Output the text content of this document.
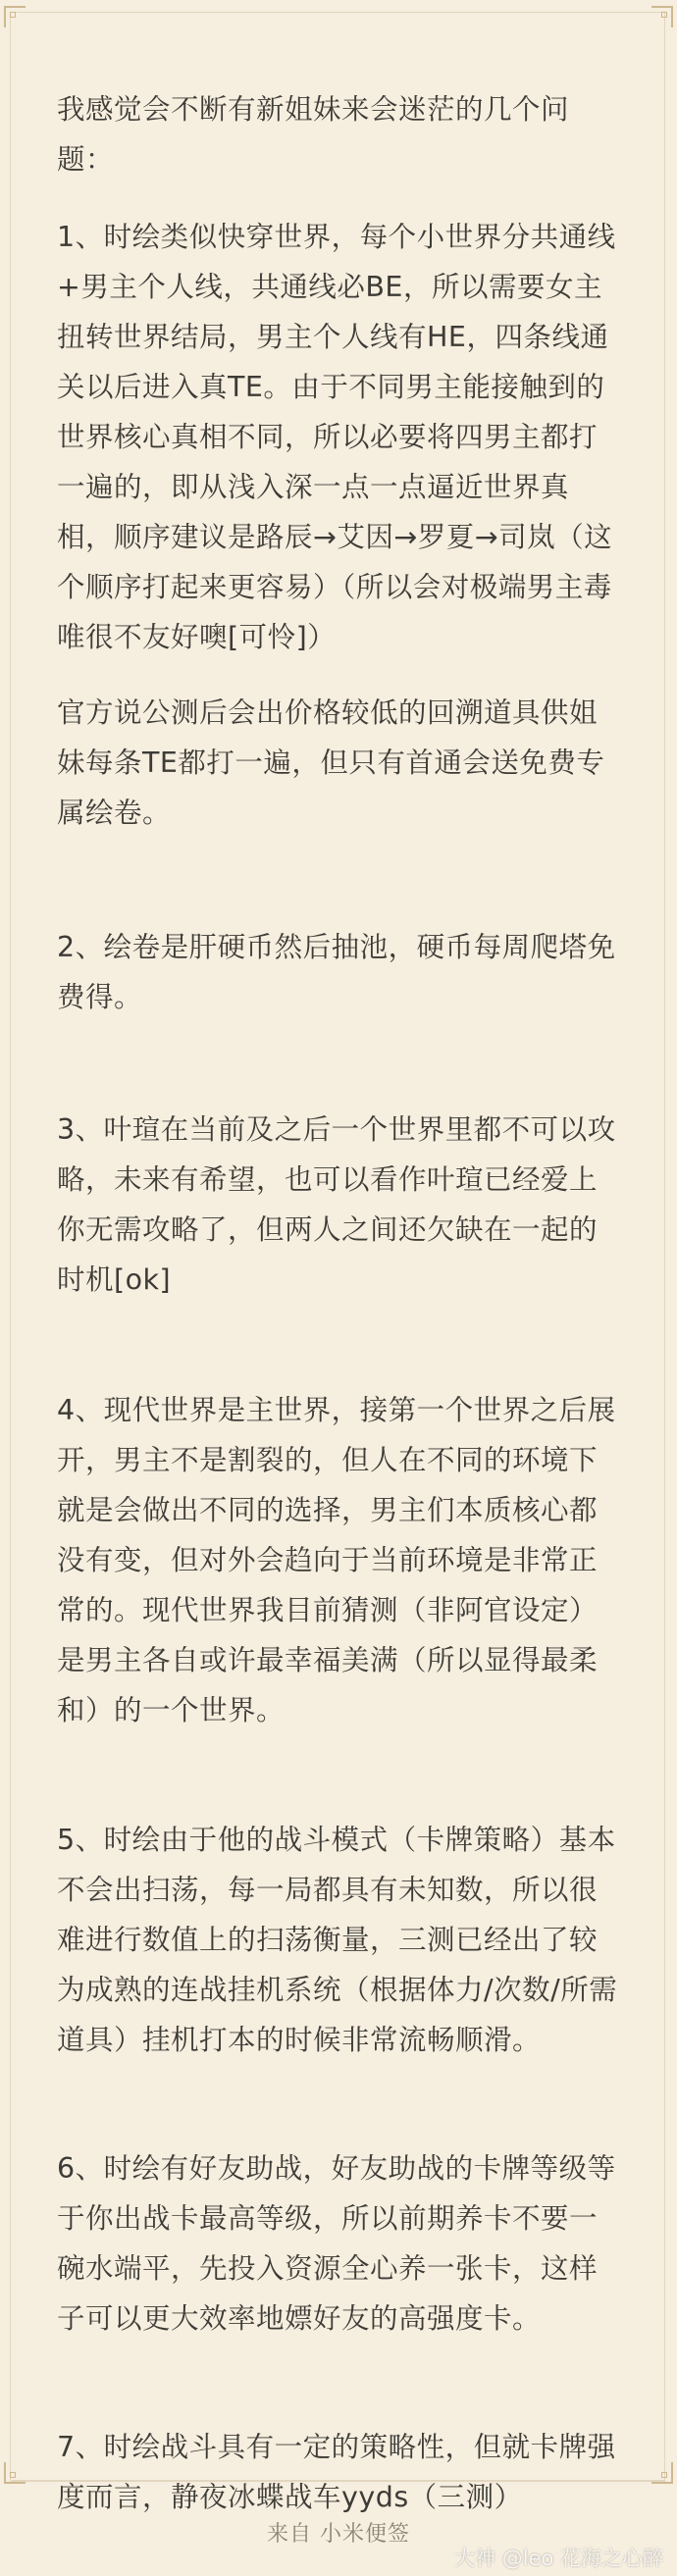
我感觉会不断有新姐妹来会迷茫的几个问题：

1、时绘类似快穿世界，每个小世界分共通线+男主个人线，共通线必BE，所以需要女主扭转世界结局，男主个人线有HE，四条线通关以后进入真TE。由于不同男主能接触到的世界核心真相不同，所以必要将四男主都打一遍的，即从浅入深一点一点逼近世界真相，顺序建议是路辰→艾因→罗夏→司岚（这个顺序打起来更容易）（所以会对极端男主毒唯很不友好噢[可怜]）

官方说公测后会出价格较低的回溯道具供姐妹每条TE都打一遍，但只有首通会送免费专属绘卷。

2、绘卷是肝硬币然后抽池，硬币每周爬塔免费得。

3、叶瑄在当前及之后一个世界里都不可以攻略，未来有希望，也可以看作叶瑄已经爱上你无需攻略了，但两人之间还欠缺在一起的时机[ok]

4、现代世界是主世界，接第一个世界之后展开，男主不是割裂的，但人在不同的环境下就是会做出不同的选择，男主们本质核心都没有变，但对外会趋向于当前环境是非常正常的。现代世界我目前猜测（非阿官设定）是男主各自或许最幸福美满（所以显得最柔和）的一个世界。

5、时绘由于他的战斗模式（卡牌策略）基本不会出扫荡，每一局都具有未知数，所以很难进行数值上的扫荡衡量，三测已经出了较为成熟的连战挂机系统（根据体力/次数/所需道具）挂机打本的时候非常流畅顺滑。

6、时绘有好友助战，好友助战的卡牌等级等于你出战卡最高等级，所以前期养卡不要一碗水端平，先投入资源全心养一张卡，这样子可以更大效率地嫖好友的高强度卡。

7、时绘战斗具有一定的策略性，但就卡牌强度而言，静夜冰蝶战车yyds（三测）

来自 小米便签
大神 @leo 花海之心醉
